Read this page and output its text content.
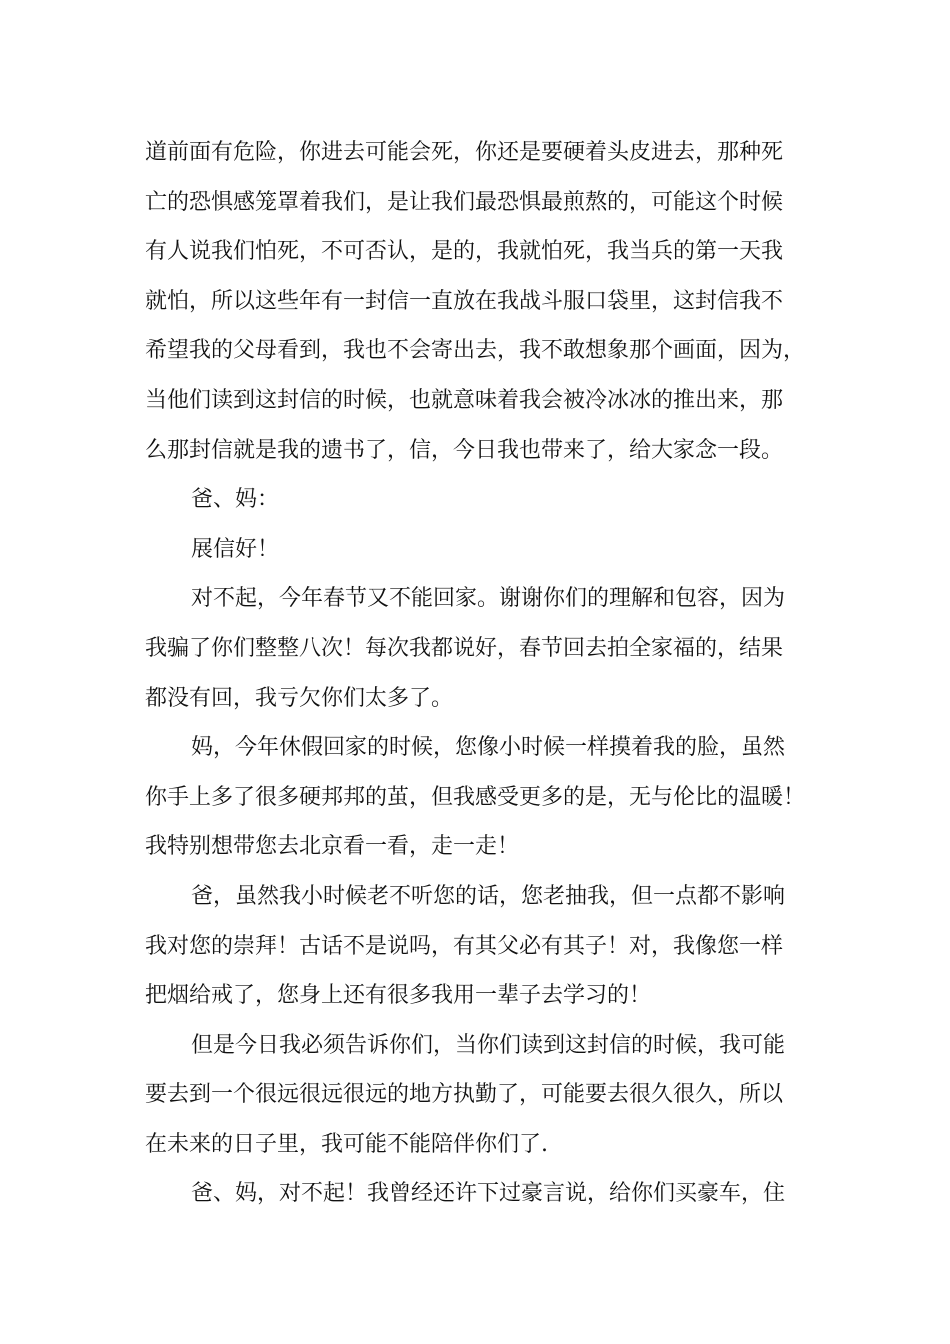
道前面有危险，你进去可能会死，你还是要硬着头皮进去，那种死
亡的恐惧感笼罩着我们，是让我们最恐惧最煎熬的，可能这个时候
有人说我们怕死，不可否认，是的，我就怕死，我当兵的第一天我
就怕，所以这些年有一封信一直放在我战斗服口袋里，这封信我不
希望我的父母看到，我也不会寄出去，我不敢想象那个画面，因为，
当他们读到这封信的时候，也就意味着我会被冷冰冰的推出来，那
么那封信就是我的遗书了，信，今日我也带来了，给大家念一段。
爸、妈：
展信好！
对不起，今年春节又不能回家。谢谢你们的理解和包容，因为
我骗了你们整整八次！每次我都说好，春节回去拍全家福的，结果
都没有回，我亏欠你们太多了。
妈，今年休假回家的时候，您像小时候一样摸着我的脸，虽然
你手上多了很多硬邦邦的茧，但我感受更多的是，无与伦比的温暖！
我特别想带您去北京看一看，走一走！
爸，虽然我小时候老不听您的话，您老抽我，但一点都不影响
我对您的崇拜！古话不是说吗，有其父必有其子！对，我像您一样
把烟给戒了，您身上还有很多我用一辈子去学习的！
但是今日我必须告诉你们，当你们读到这封信的时候，我可能
要去到一个很远很远很远的地方执勤了，可能要去很久很久，所以
在未来的日子里，我可能不能陪伴你们了.
爸、妈，对不起！我曾经还许下过豪言说，给你们买豪车，住
